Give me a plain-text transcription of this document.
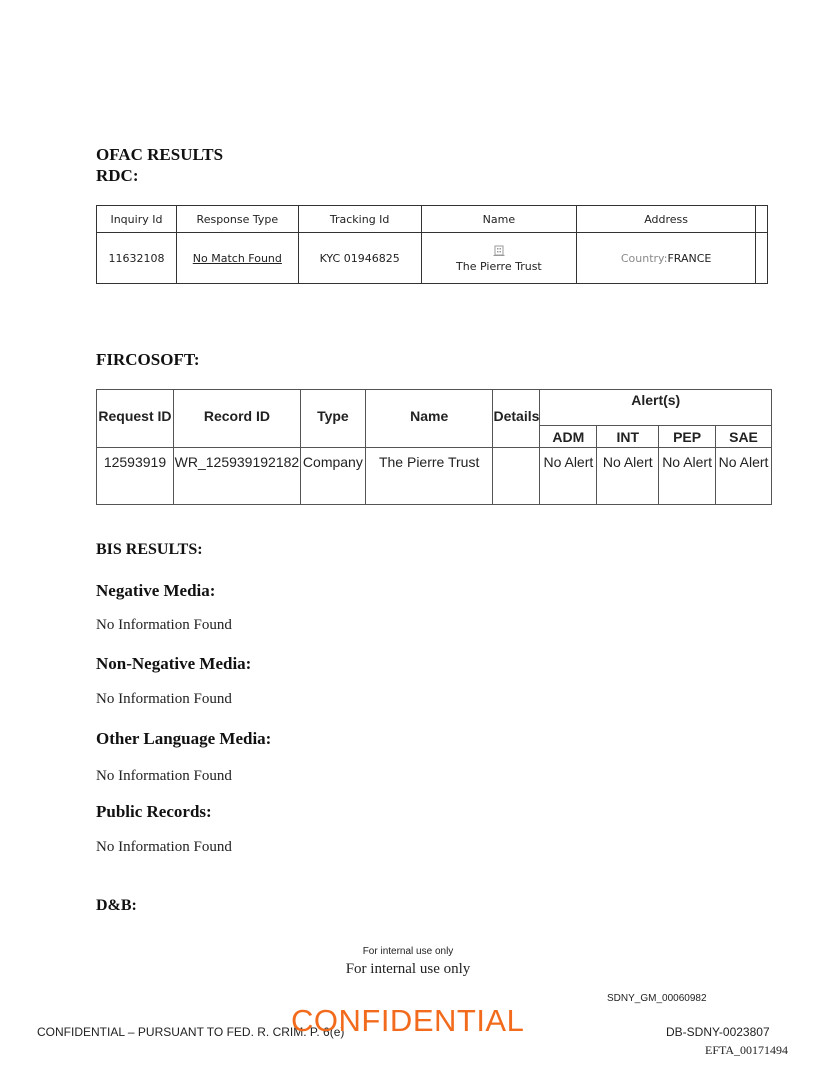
OFAC RESULTS
RDC:
Inquiry Id	Response Type	Tracking Id	Name	Address	
11632108	No Match Found	KYC 01946825	The Pierre Trust	Country:FRANCE	
FIRCOSOFT:
Request ID	Record ID	Type	Name	Details	Alert(s)			
					ADM	INT	PEP	SAE
12593919	WR_125939192182	Company	The Pierre Trust		No Alert	No Alert	No Alert	No Alert
BIS RESULTS:
Negative Media:
No Information Found
Non-Negative Media:
No Information Found
Other Language Media:
No Information Found
Public Records:
No Information Found
D&B:
For internal use only
For internal use only
SDNY_GM_00060982
CONFIDENTIAL – PURSUANT TO FED. R. CRIM. P. 6(e)
CONFIDENTIAL	DB-SDNY-0023807
EFTA_00171494
